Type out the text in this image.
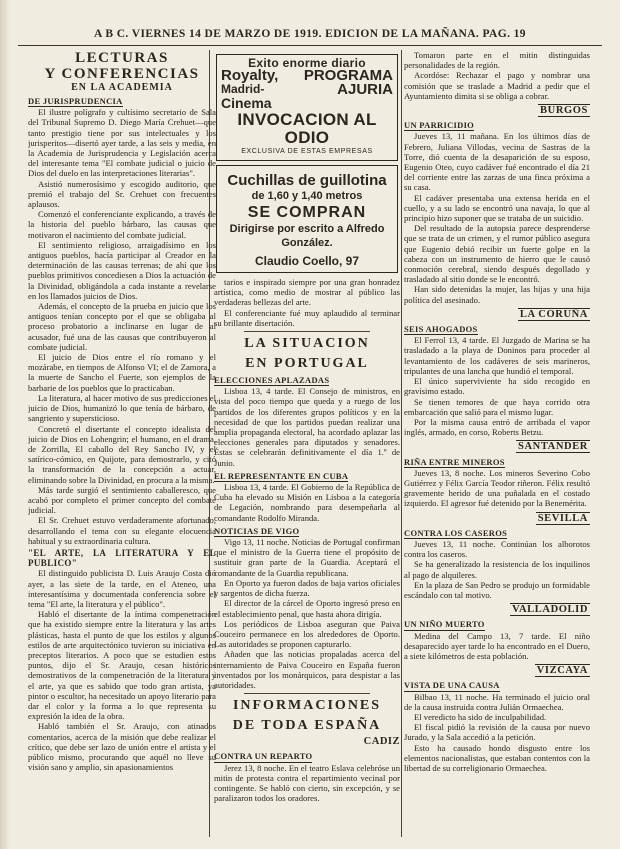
A B C. VIERNES 14 DE MARZO DE 1919. EDICION DE LA MAÑANA. PAG. 19
LECTURAS
Y CONFERENCIAS
EN LA ACADEMIA
DE JURISPRUDENCIA

El ilustre polígrafo y cultísimo secretario de Sala del Tribunal Supremo D. Diego María Crehuet—que tanto prestigio tiene por sus intelectuales y los jurisperitos—disertó ayer tarde, a las seis y media, en la Academia de Jurisprudencia y Legislación acerca del interesante tema "El combate judicial o juicio de Dios del duelo en las interpretaciones literarias".

Asistió numerosísimo y escogido auditorio, que premió el trabajo del Sr. Crehuet con frecuentes aplausos.

Comenzó el conferenciante explicando, a través de la historia del pueblo bárbaro, las causas que motivaron el nacimiento del combate judicial.

El sentimiento religioso, arraigadísimo en los antiguos pueblos, hacía participar al Creador en la determinación de las causas terrenas; de ahí que los pueblos primitivos concediesen a Dios la actuación de la Divinidad, obligándola a cada instante a revelarse en los llamados juicios de Dios.

Además, el concepto de la prueba en juicio que los antiguos tenían concepto por el que se obligaba al proceso probatorio a inclinarse en lugar de al acusador, fué una de las causas que contribuyeron al combate judicial.

El juicio de Dios entre el río romano y el mozárabe, en tiempos de Alfonso VI; el de Zamora, a la muerte de Sancho el Fuerte, son ejemplos de la barbarie de los pueblos que lo practicaban.

La literatura, al hacer motivo de sus predicciones el juicio de Dios, humanizó lo que tenía de bárbaro, de sangriento y supersticioso.

Concretó el disertante el concepto idealista del juicio de Dios en Lohengrin; el humano, en el drama, de Zorrilla, El caballo del Rey Sancho IV, y el satírico-cómico, en Quijote, para demostrarlo, y citó la transformación de la concepción a actuar, eliminando sobre la Divinidad, en procura a la misma.

Más tarde surgió el sentimiento caballeresco, que acabó por completo el primer concepto del combate judicial.

El Sr. Crehuet estuvo verdaderamente afortunado, desarrollando el tema con su elegante elocuencia habitual y su extraordinaria cultura.

"EL ARTE, LA LITERATURA Y EL PUBLICO"

El distinguido publicista D. Luis Araujo Costa dió ayer, a las siete de la tarde, en el Ateneo, una interesantísima y documentada conferencia sobre el tema "El arte, la literatura y el público".

Habló el disertante de la íntima compenetración que ha existido siempre entre la literatura y las artes plásticas, hasta el punto de que los estilos y algunos estilos de arte arquitectónico tuvieron su iniciativa en preceptos literarios. A poco que se estudien estos puntos, dijo el Sr. Araujo, cesan históricos demostrativos de la compenetración de la literatura y el arte, ya que es sabido que todo gran artista, ya pintor o escultor, ha necesitado un apoyo literario para dar el color y la forma a lo que representa su expresión la idea de la obra.

Habló también el Sr. Araujo, con atinados comentarios, acerca de la misión que debe realizar el crítico, que debe ser lazo de unión entre el artista y el público mismo, procurando que aquél no lleve su visión sano y amplio, sin apasionamientos

Exito enorme diario
Royalty, PROGRAMA
Madrid-	AJURIA
Cinema
INVOCACION AL ODIO
EXCLUSIVA DE ESTAS EMPRESAS
Cuchillas de guillotina
de 1,60 y 1,40 metros
SE COMPRAN
Dirigirse por escrito a Alfredo González.
Claudio Coello, 97

tarios e inspirado siempre por una gran honradez artística, como medio de mostrar al público las verdaderas bellezas del arte.

El conferenciante fué muy aplaudido al terminar su brillante disertación.

LA SITUACION
EN PORTUGAL
ELECCIONES APLAZADAS

Lisboa 13, 4 tarde. El Consejo de ministros, en vista del poco tiempo que queda y a ruego de los partidos de los diferentes grupos políticos y en la necesidad de que los partidos puedan realizar una amplia propaganda electoral, ha acordado aplazar las elecciones generales para diputados y senadores. Éstas se celebrarán definitivamente el día 1.º de Junio.

EL REPRESENTANTE EN CUBA

Lisboa 13, 4 tarde. El Gobierno de la República de Cuba ha elevado su Misión en Lisboa a la categoría de Legación, nombrando para desempeñarla al comandante Rodolfo Miranda.

NOTICIAS DE VIGO

Vigo 13, 11 noche. Noticias de Portugal confirman que el ministro de la Guerra tiene el propósito de sustituir gran parte de la Guardia. Aceptará el comandante de la Guardia republicana.

En Oporto ya fueron dados de baja varios oficiales y sargentos de dicha fuerza.

El director de la cárcel de Oporto ingresó preso en el establecimiento penal, que hasta ahora dirigía.

Los periódicos de Lisboa aseguran que Paiva Couceiro permanece en los alrededores de Oporto. Las autoridades se proponen capturarlo.

Añaden que las noticias propaladas acerca del internamiento de Paiva Couceiro en España fueron inventados por los monárquicos, para despistar a las autoridades.

INFORMACIONES
DE TODA ESPAÑA
CADIZ
CONTRA UN REPARTO

Jerez 13, 8 noche. En el teatro Eslava celebróse un mitin de protesta contra el repartimiento vecinal por contingente. Se habló con cierto, sin excepción, y se paralizaron todos los oradores.

Tomaron parte en el mitin distinguidas personalidades de la región.

Acordóse: Rechazar el pago y nombrar una comisión que se traslade a Madrid a pedir que el Ayuntamiento dimita si se obliga a cobrar.

BURGOS
UN PARRICIDIO

Jueves 13, 11 mañana. En los últimos días de Febrero, Juliana Villodas, vecina de Sastras de la Torre, dió cuenta de la desaparición de su esposo, Eugenio Oteo, cuyo cadáver fué encontrado el día 21 del corriente entre las zarzas de una finca próxima a su casa.

El cadáver presentaba una extensa herida en el cuello, y a su lado se encontró una navaja, lo que al principio hizo suponer que se trataba de un suicidio.

Del resultado de la autopsia parece desprenderse que se trata de un crimen, y el rumor público asegura que Eugenio debió recibir un fuerte golpe en la cabeza con un instrumento de hierro que le causó conmoción cerebral, siendo después degollado y trasladado al sitio donde se le encontró.

Han sido detenidas la mujer, las hijas y una hija política del asesinado.

LA CORUÑA
SEIS AHOGADOS

El Ferrol 13, 4 tarde. El Juzgado de Marina se ha trasladado a la playa de Doninos para proceder al levantamiento de los cadáveres de seis marineros, tripulantes de una lancha que hundió el temporal.

El único superviviente ha sido recogido en gravísimo estado.

Se tienen temores de que haya corrido otra embarcación que salió para el mismo lugar.

Por la misma causa entró de arribada el vapor inglés, armado, en corso, Roberts Betzu.

SANTANDER
RIÑA ENTRE MINEROS

Jueves 13, 8 noche. Los mineros Severino Cobo Gutiérrez y Félix García Teodor riñeron. Félix resultó gravemente herido de una puñalada en el costado izquierdo. El agresor fué detenido por la Benemérita.

SEVILLA
CONTRA LOS CASEROS

Jueves 13, 11 noche. Continúan los alborotos contra los caseros.

Se ha generalizado la resistencia de los inquilinos al pago de alquileres.

En la plaza de San Pedro se produjo un formidable escándalo con tal motivo.

VALLADOLID
UN NIÑO MUERTO

Medina del Campo 13, 7 tarde. El niño desaparecido ayer tarde lo ha encontrado en el Duero, a siete kilómetros de esta población.

VIZCAYA
VISTA DE UNA CAUSA

Bilbao 13, 11 noche. Ha terminado el juicio oral de la causa instruida contra Julián Ormaechea.

El veredicto ha sido de inculpabilidad.

El fiscal pidió la revisión de la causa por nuevo Jurado, y la Sala accedió a la petición.

Esto ha causado hondo disgusto entre los elementos nacionalistas, que estaban contentos con la libertad de su correligionario Ormaechea.
